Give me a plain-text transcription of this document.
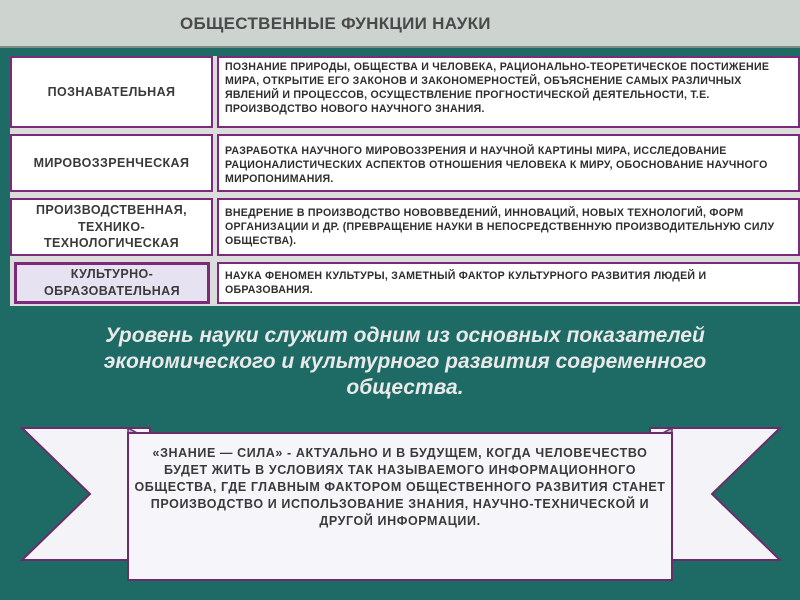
ОБЩЕСТВЕННЫЕ ФУНКЦИИ НАУКИ
ПОЗНАВАТЕЛЬНАЯ
ПОЗНАНИЕ ПРИРОДЫ, ОБЩЕСТВА И ЧЕЛОВЕКА, РАЦИОНАЛЬНО-ТЕОРЕТИЧЕСКОЕ ПОСТИЖЕНИЕ МИРА, ОТКРЫТИЕ ЕГО ЗАКОНОВ И ЗАКОНОМЕРНОСТЕЙ, ОБЪЯСНЕНИЕ САМЫХ РАЗЛИЧНЫХ ЯВЛЕНИЙ И ПРОЦЕССОВ, ОСУЩЕСТВЛЕНИЕ ПРОГНОСТИЧЕСКОЙ ДЕЯТЕЛЬНОСТИ, Т.Е. ПРОИЗВОДСТВО НОВОГО НАУЧНОГО ЗНАНИЯ.
МИРОВОЗЗРЕНЧЕСКАЯ
РАЗРАБОТКА НАУЧНОГО МИРОВОЗЗРЕНИЯ И НАУЧНОЙ КАРТИНЫ МИРА, ИССЛЕДОВАНИЕ РАЦИОНАЛИСТИЧЕСКИХ АСПЕКТОВ ОТНОШЕНИЯ ЧЕЛОВЕКА К МИРУ, ОБОСНОВАНИЕ НАУЧНОГО МИРОПОНИМАНИЯ.
ПРОИЗВОДСТВЕННАЯ, ТЕХНИКО-ТЕХНОЛОГИЧЕСКАЯ
ВНЕДРЕНИЕ В ПРОИЗВОДСТВО НОВОВВЕДЕНИЙ, ИННОВАЦИЙ, НОВЫХ ТЕХНОЛОГИЙ, ФОРМ ОРГАНИЗАЦИИ И ДР. (ПРЕВРАЩЕНИЕ НАУКИ В НЕПОСРЕДСТВЕННУЮ ПРОИЗВОДИТЕЛЬНУЮ СИЛУ ОБЩЕСТВА).
КУЛЬТУРНО-ОБРАЗОВАТЕЛЬНАЯ
НАУКА ФЕНОМЕН КУЛЬТУРЫ, ЗАМЕТНЫЙ ФАКТОР КУЛЬТУРНОГО РАЗВИТИЯ ЛЮДЕЙ И ОБРАЗОВАНИЯ.
Уровень науки служит одним из основных показателей экономического и культурного развития современного общества.
«ЗНАНИЕ — СИЛА» - АКТУАЛЬНО И В БУДУЩЕМ, КОГДА ЧЕЛОВЕЧЕСТВО БУДЕТ ЖИТЬ В УСЛОВИЯХ ТАК НАЗЫВАЕМОГО ИНФОРМАЦИОННОГО ОБЩЕСТВА, ГДЕ ГЛАВНЫМ ФАКТОРОМ ОБЩЕСТВЕННОГО РАЗВИТИЯ СТАНЕТ ПРОИЗВОДСТВО И ИСПОЛЬЗОВАНИЕ ЗНАНИЯ, НАУЧНО-ТЕХНИЧЕСКОЙ И ДРУГОЙ ИНФОРМАЦИИ.
